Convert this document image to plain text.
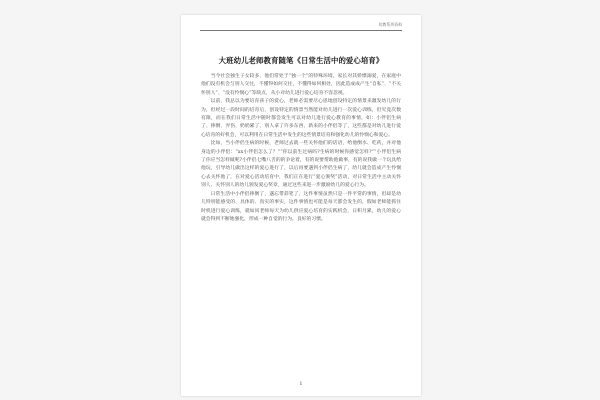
幼教系列资料
大班幼儿老师教育随笔《日常生活中的爱心培育》

当今社会独生子女较多，他们常处于“独一个”的特殊环境，家长对其娇惯溺爱，在家庭中他们没有机会与别人交往，不懂得如何交往，不懂得如何相处，因此造成成产生“自私”、“不关怀别人”、“没有怜悯心”等缺点，从小对幼儿进行爱心培育不容忽视。

以前，我总以为要培育孩子的爱心，老师必需要尽心思地创设特定的情景来激发幼儿的行为，但经过一段时间的培育后，创设特定的情景当然能对幼儿进行一次爱心训练，但究竟次数有限，而在我们日常生活中随时都会发生可以对幼儿进行爱心教育的事情，如：小伴侣生病了、摔倒、弄伤、奶奶累了、别人拿了许多东西、新来的小伴侣等了，这些都是对幼儿进行爱心培育的好机会，可以利用在日常生活中发生的这些情景培育和强化幼儿的怜悯心和爱心。

比如，当小伴侣生病的时候，老师过去就一些关怀他们的话语，给他倒水、吃药，并对他身边的小伴侣：“xx小伴侣怎么了？”“你以前生过病吗?生病的时候你感觉怎样?”“小伴侣生病了你应当怎样做呢?小伴侣七嘴八舌的的争论着，有的说要帮助他做事，有的说我做一个玩具给他玩，引导幼儿做出这样的爱心进行了，以后再要遇到小伴侣生病了，幼儿就会造成产生怜悯心去关怀他了，在对爱心活动培育中，我们正在进行“爱心颁奖”活动，对日常生活中主动关怀别人、关怀别人的幼儿颁发爱心奖章，通过这些来进一步激励幼儿的爱心行为。

日常生活中小伴侣摔倒了，遇忘带彩笔了，这件事情虽然只是一件平常的事情，但却是幼儿特别能感受的、具体的、真实的事实，这件事情也可能是每天都会发生的，假如老师能抓住时机进行爱心训练，就如同老师每天为幼儿供应爱心培育的实践机会，日积月累，幼儿的爱心就会得到不断地强化，形成一种自觉的行为，良好的习惯。

1
